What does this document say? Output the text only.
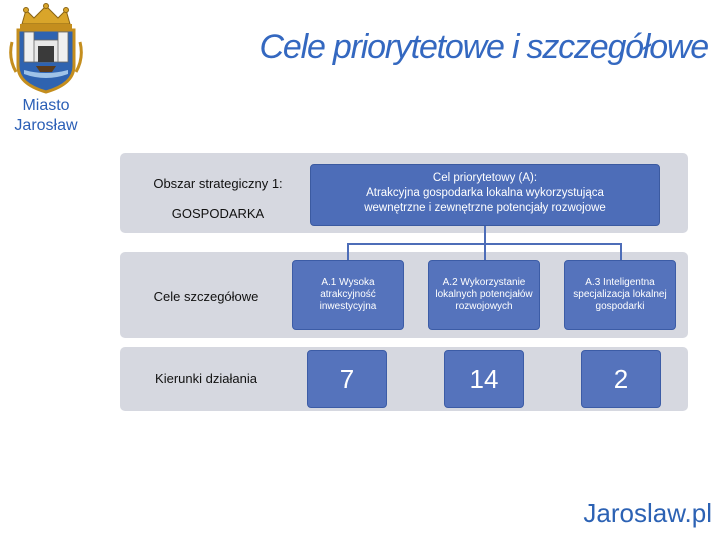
Miasto
Jarosław
Cele priorytetowe i szczegółowe
Obszar strategiczny 1:
GOSPODARKA
Cele szczegółowe
Kierunki działania
Cel priorytetowy (A):
Atrakcyjna gospodarka lokalna wykorzystująca
wewnętrzne i zewnętrzne potencjały rozwojowe
A.1 Wysoka atrakcyjność inwestycyjna
A.2 Wykorzystanie lokalnych potencjałów rozwojowych
A.3 Inteligentna specjalizacja lokalnej gospodarki
7	14	2
Jaroslaw.pl
